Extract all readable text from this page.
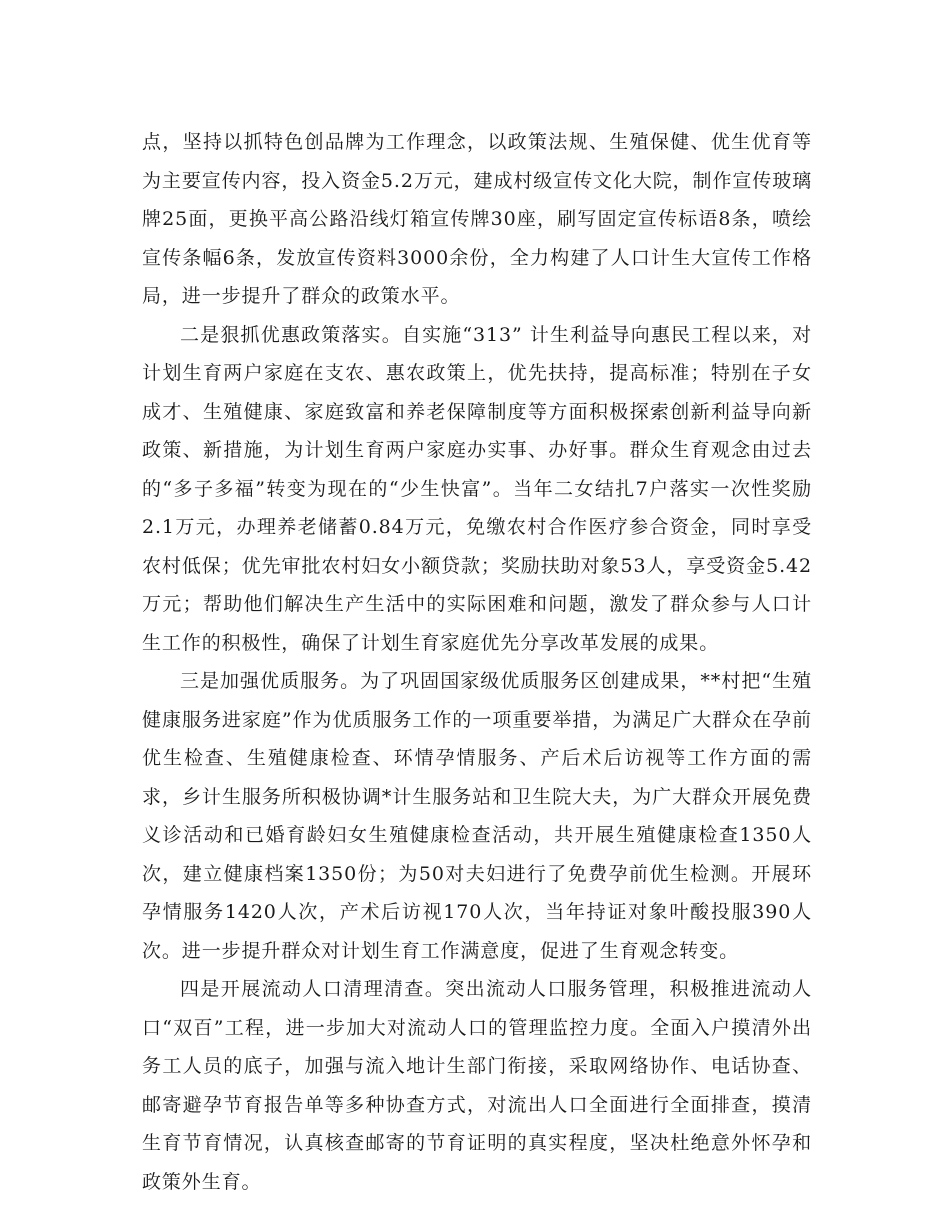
点，坚持以抓特色创品牌为工作理念，以政策法规、生殖保健、优生优育等为主要宣传内容，投入资金5.2万元，建成村级宣传文化大院，制作宣传玻璃牌25面，更换平高公路沿线灯箱宣传牌30座，刷写固定宣传标语8条，喷绘宣传条幅6条，发放宣传资料3000余份，全力构建了人口计生大宣传工作格局，进一步提升了群众的政策水平。

二是狠抓优惠政策落实。自实施“313” 计生利益导向惠民工程以来，对计划生育两户家庭在支农、惠农政策上，优先扶持，提高标准；特别在子女成才、生殖健康、家庭致富和养老保障制度等方面积极探索创新利益导向新政策、新措施，为计划生育两户家庭办实事、办好事。群众生育观念由过去的“多子多福”转变为现在的“少生快富”。当年二女结扎7户落实一次性奖励2.1万元，办理养老储蓄0.84万元，免缴农村合作医疗参合资金，同时享受农村低保；优先审批农村妇女小额贷款；奖励扶助对象53人，享受资金5.42万元；帮助他们解决生产生活中的实际困难和问题，激发了群众参与人口计生工作的积极性，确保了计划生育家庭优先分享改革发展的成果。

三是加强优质服务。为了巩固国家级优质服务区创建成果，**村把“生殖健康服务进家庭”作为优质服务工作的一项重要举措，为满足广大群众在孕前优生检查、生殖健康检查、环情孕情服务、产后术后访视等工作方面的需求，乡计生服务所积极协调*计生服务站和卫生院大夫，为广大群众开展免费义诊活动和已婚育龄妇女生殖健康检查活动，共开展生殖健康检查1350人次，建立健康档案1350份；为50对夫妇进行了免费孕前优生检测。开展环孕情服务1420人次，产术后访视170人次，当年持证对象叶酸投服390人次。进一步提升群众对计划生育工作满意度，促进了生育观念转变。

四是开展流动人口清理清查。突出流动人口服务管理，积极推进流动人口“双百”工程，进一步加大对流动人口的管理监控力度。全面入户摸清外出务工人员的底子，加强与流入地计生部门衔接，采取网络协作、电话协查、邮寄避孕节育报告单等多种协查方式，对流出人口全面进行全面排查，摸清生育节育情况，认真核查邮寄的节育证明的真实程度，坚决杜绝意外怀孕和政策外生育。
